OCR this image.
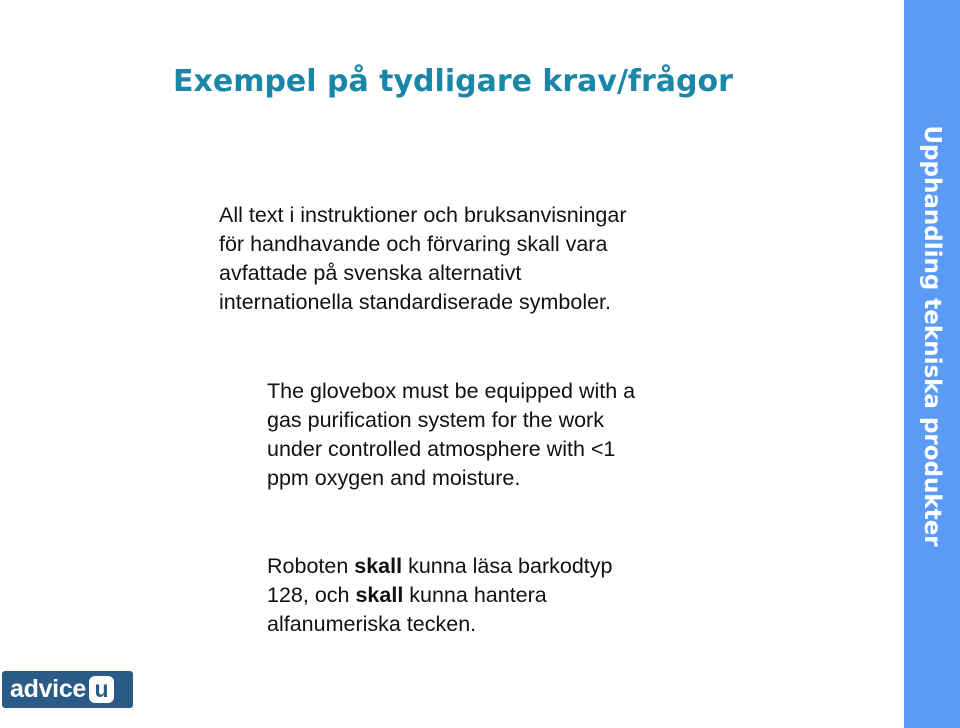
Exempel på tydligare krav/frågor

All text i instruktioner och bruksanvisningar
för handhavande och förvaring skall vara
avfattade på svenska alternativt
internationella standardiserade symboler.

The glovebox must be equipped with a
gas purification system for the work
under controlled atmosphere with <1
ppm oxygen and moisture.

Roboten skall kunna läsa barkodtyp
128, och skall kunna hantera
alfanumeriska tecken.

Upphandling tekniska produkter
advice u
